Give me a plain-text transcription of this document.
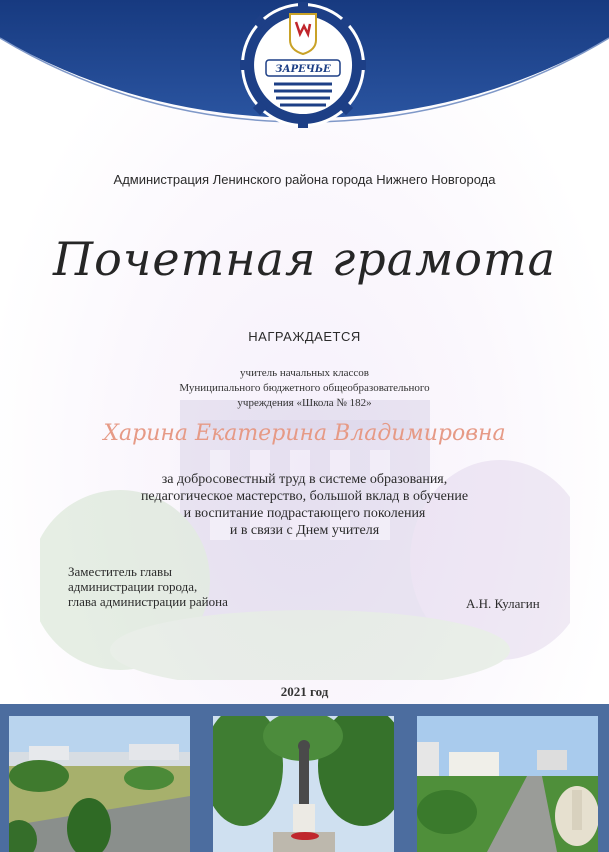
ЗАРЕЧЬЕ
Администрация Ленинского района города Нижнего Новгорода
Почетная грамота
НАГРАЖДАЕТСЯ
учитель начальных классов
Муниципального бюджетного общеобразовательного
учреждения «Школа № 182»
Харина Екатерина Владимировна
за добросовестный труд в системе образования,
педагогическое мастерство, большой вклад в обучение
и воспитание подрастающего поколения
и в связи с Днем учителя
Заместитель главы
администрации города,
глава администрации района	А.Н. Кулагин
2021 год
